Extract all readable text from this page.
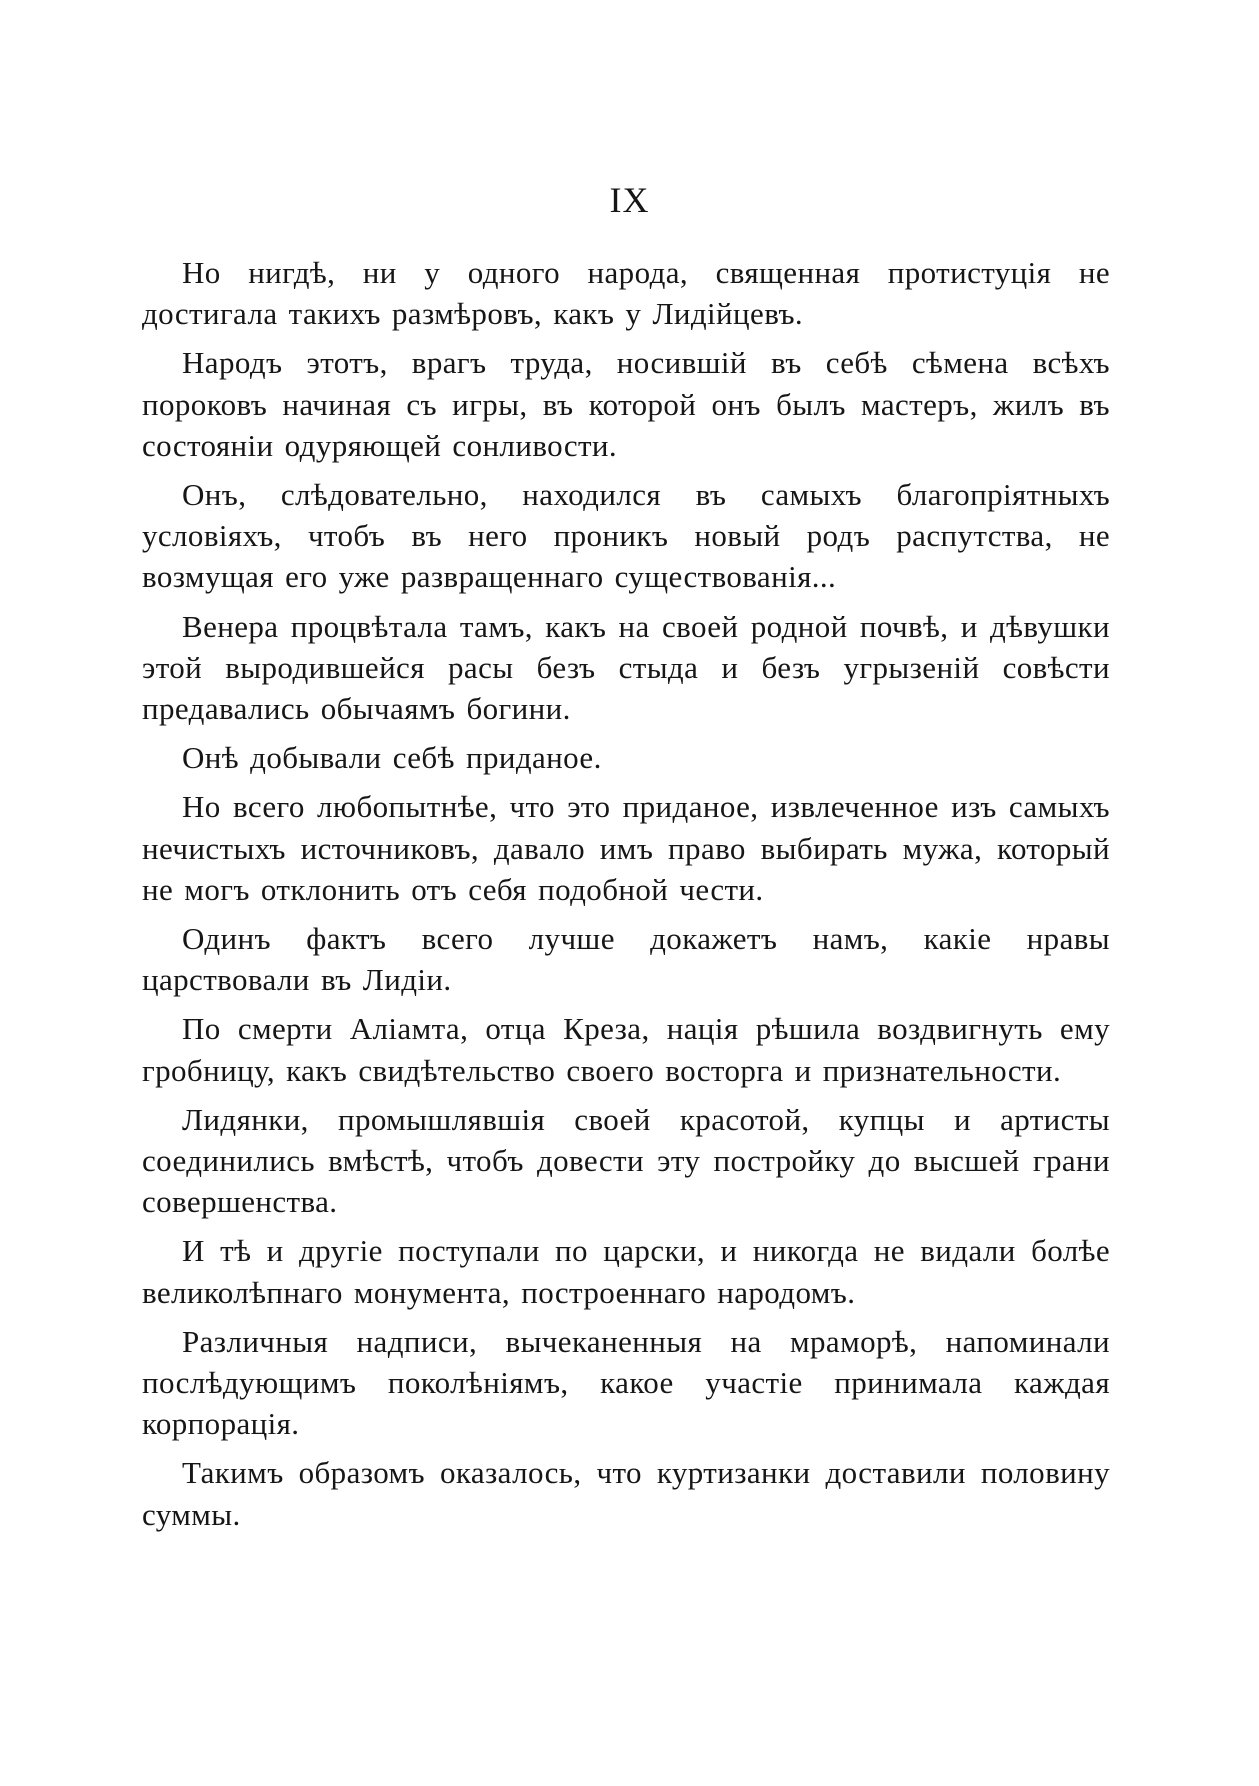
IX

Но нигдѣ, ни у одного народа, священная протистуція не достигала такихъ размѣровъ, какъ у Лидійцевъ.

Народъ этотъ, врагъ труда, носившій въ себѣ сѣмена всѣхъ пороковъ начиная съ игры, въ которой онъ былъ мастеръ, жилъ въ состояніи одуряющей сонливости.

Онъ, слѣдовательно, находился въ самыхъ благопріятныхъ условіяхъ, чтобъ въ него проникъ новый родъ распутства, не возмущая его уже развращеннаго существованія...

Венера процвѣтала тамъ, какъ на своей родной почвѣ, и дѣвушки этой выродившейся расы безъ стыда и безъ угрызеній совѣсти предавались обычаямъ богини.

Онѣ добывали себѣ приданое.

Но всего любопытнѣе, что это приданое, извлеченное изъ самыхъ нечистыхъ источниковъ, давало имъ право выбирать мужа, который не могъ отклонить отъ себя подобной чести.

Одинъ фактъ всего лучше докажетъ намъ, какіе нравы царствовали въ Лидіи.

По смерти Аліамта, отца Креза, нація рѣшила воздвигнуть ему гробницу, какъ свидѣтельство своего восторга и признательности.

Лидянки, промышлявшія своей красотой, купцы и артисты соединились вмѣстѣ, чтобъ довести эту постройку до высшей грани совершенства.

И тѣ и другіе поступали по царски, и никогда не видали болѣе великолѣпнаго монумента, построеннаго народомъ.

Различныя надписи, вычеканенныя на мраморѣ, напоминали послѣдующимъ поколѣніямъ, какое участіе принимала каждая корпорація.

Такимъ образомъ оказалось, что куртизанки доставили половину суммы.
